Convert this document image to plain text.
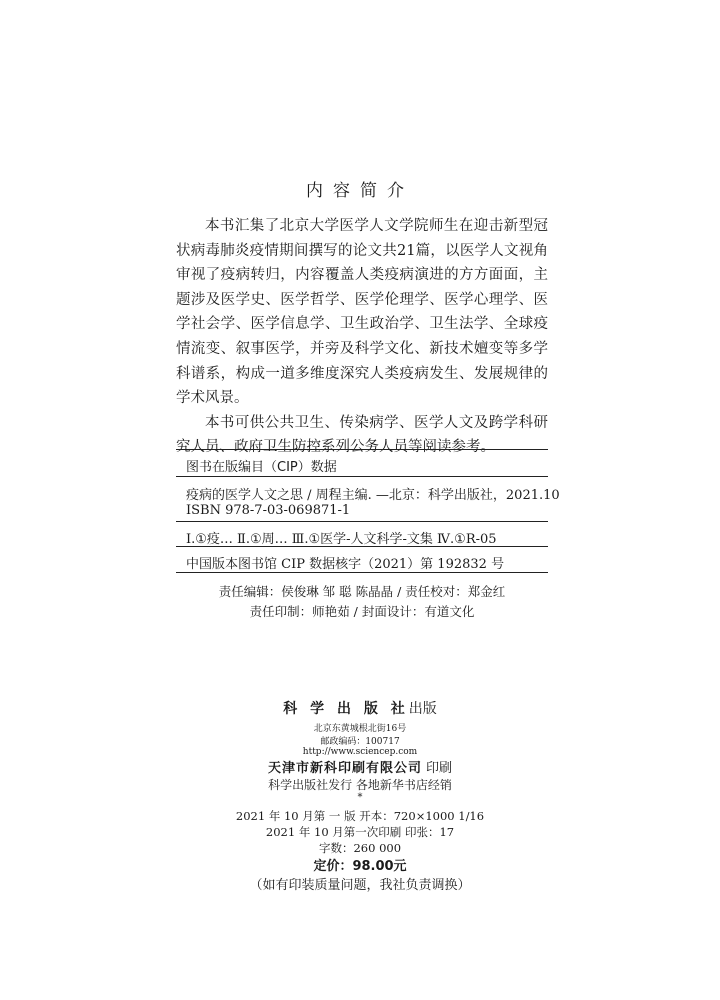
内容简介

本书汇集了北京大学医学人文学院师生在迎击新型冠状病毒肺炎疫情期间撰写的论文共21篇，以医学人文视角审视了疫病转归，内容覆盖人类疫病演进的方方面面，主题涉及医学史、医学哲学、医学伦理学、医学心理学、医学社会学、医学信息学、卫生政治学、卫生法学、全球疫情流变、叙事医学，并旁及科学文化、新技术嬗变等多学科谱系，构成一道多维度深究人类疫病发生、发展规律的学术风景。

本书可供公共卫生、传染病学、医学人文及跨学科研究人员、政府卫生防控系列公务人员等阅读参考。

图书在版编目（CIP）数据
疫病的医学人文之思 / 周程主编. —北京：科学出版社，2021.10
ISBN 978-7-03-069871-1
Ⅰ.①疫… Ⅱ.①周… Ⅲ.①医学-人文科学-文集 Ⅳ.①R-05
中国版本图书馆 CIP 数据核字（2021）第 192832 号
责任编辑：侯俊琳 邹 聪 陈晶晶 / 责任校对：郑金红
责任印制：师艳茹 / 封面设计：有道文化
科 学 出 版 社出版
北京东黄城根北街16号
邮政编码：100717
http://www.sciencep.com
天津市新科印刷有限公司 印刷
科学出版社发行 各地新华书店经销
*
2021 年 10 月第 一 版 开本：720×1000 1/16
2021 年 10 月第一次印刷 印张：17
字数：260 000
定价：98.00元
（如有印装质量问题，我社负责调换）
